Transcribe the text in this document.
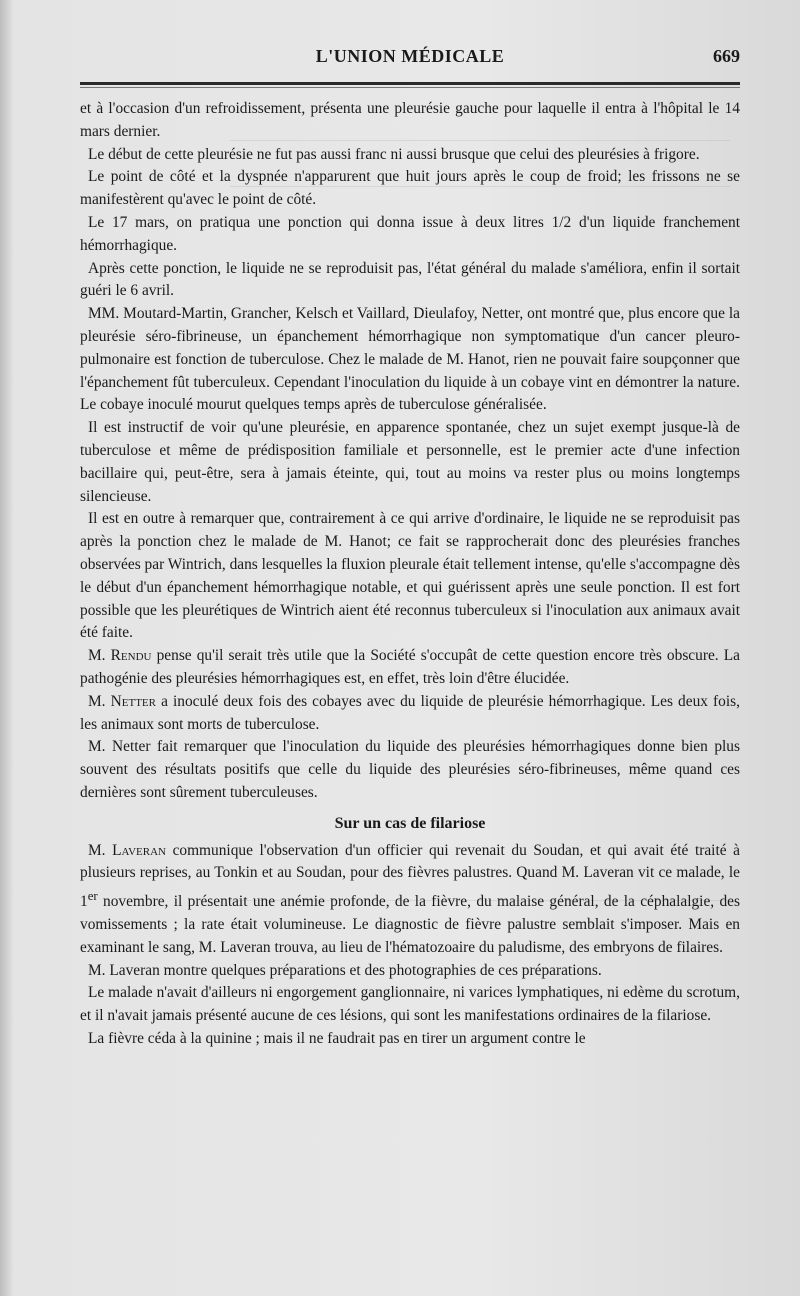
L'UNION MÉDICALE	669

et à l'occasion d'un refroidissement, présenta une pleurésie gauche pour laquelle il entra à l'hôpital le 14 mars dernier.

Le début de cette pleurésie ne fut pas aussi franc ni aussi brusque que celui des pleurésies à frigore.

Le point de côté et la dyspnée n'apparurent que huit jours après le coup de froid; les frissons ne se manifestèrent qu'avec le point de côté.

Le 17 mars, on pratiqua une ponction qui donna issue à deux litres 1/2 d'un liquide franchement hémorrhagique.

Après cette ponction, le liquide ne se reproduisit pas, l'état général du malade s'améliora, enfin il sortait guéri le 6 avril.

MM. Moutard-Martin, Grancher, Kelsch et Vaillard, Dieulafoy, Netter, ont montré que, plus encore que la pleurésie séro-fibrineuse, un épanchement hémorrhagique non symptomatique d'un cancer pleuro-pulmonaire est fonction de tuberculose. Chez le malade de M. Hanot, rien ne pouvait faire soupçonner que l'épanchement fût tuberculeux. Cependant l'inoculation du liquide à un cobaye vint en démontrer la nature. Le cobaye inoculé mourut quelques temps après de tuberculose généralisée.

Il est instructif de voir qu'une pleurésie, en apparence spontanée, chez un sujet exempt jusque-là de tuberculose et même de prédisposition familiale et personnelle, est le premier acte d'une infection bacillaire qui, peut-être, sera à jamais éteinte, qui, tout au moins va rester plus ou moins longtemps silencieuse.

Il est en outre à remarquer que, contrairement à ce qui arrive d'ordinaire, le liquide ne se reproduisit pas après la ponction chez le malade de M. Hanot; ce fait se rapprocherait donc des pleurésies franches observées par Wintrich, dans lesquelles la fluxion pleurale était tellement intense, qu'elle s'accompagne dès le début d'un épanchement hémorrhagique notable, et qui guérissent après une seule ponction. Il est fort possible que les pleurétiques de Wintrich aient été reconnus tuberculeux si l'inoculation aux animaux avait été faite.

M. Rendu pense qu'il serait très utile que la Société s'occupât de cette question encore très obscure. La pathogénie des pleurésies hémorrhagiques est, en effet, très loin d'être élucidée.

M. Netter a inoculé deux fois des cobayes avec du liquide de pleurésie hémorrhagique. Les deux fois, les animaux sont morts de tuberculose.

M. Netter fait remarquer que l'inoculation du liquide des pleurésies hémorrhagiques donne bien plus souvent des résultats positifs que celle du liquide des pleurésies séro-fibrineuses, même quand ces dernières sont sûrement tuberculeuses.

Sur un cas de filariose

M. Laveran communique l'observation d'un officier qui revenait du Soudan, et qui avait été traité à plusieurs reprises, au Tonkin et au Soudan, pour des fièvres palustres. Quand M. Laveran vit ce malade, le 1er novembre, il présentait une anémie profonde, de la fièvre, du malaise général, de la céphalalgie, des vomissements ; la rate était volumineuse. Le diagnostic de fièvre palustre semblait s'imposer. Mais en examinant le sang, M. Laveran trouva, au lieu de l'hématozoaire du paludisme, des embryons de filaires.

M. Laveran montre quelques préparations et des photographies de ces préparations.

Le malade n'avait d'ailleurs ni engorgement ganglionnaire, ni varices lymphatiques, ni edème du scrotum, et il n'avait jamais présenté aucune de ces lésions, qui sont les manifestations ordinaires de la filariose.

La fièvre céda à la quinine ; mais il ne faudrait pas en tirer un argument contre le
